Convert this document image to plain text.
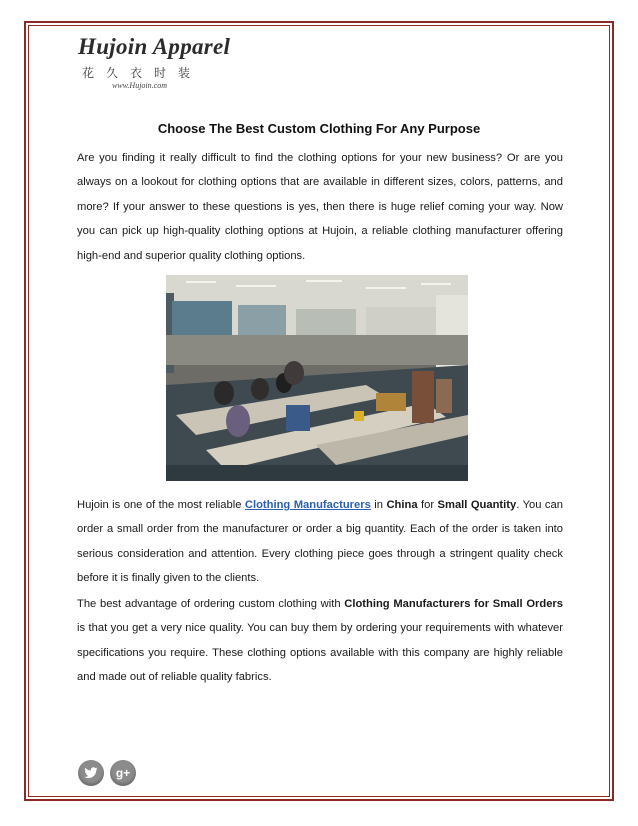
Hujoin Apparel
花久衣时装
www.Hujoin.com
Choose The Best Custom Clothing For Any Purpose

Are you finding it really difficult to find the clothing options for your new business? Or are you always on a lookout for clothing options that are available in different sizes, colors, patterns, and more? If your answer to these questions is yes, then there is huge relief coming your way. Now you can pick up high-quality clothing options at Hujoin, a reliable clothing manufacturer offering high-end and superior quality clothing options.

Hujoin is one of the most reliable Clothing Manufacturers in China for Small Quantity. You can order a small order from the manufacturer or order a big quantity. Each of the order is taken into serious consideration and attention. Every clothing piece goes through a stringent quality check before it is finally given to the clients.

The best advantage of ordering custom clothing with Clothing Manufacturers for Small Orders is that you get a very nice quality. You can buy them by ordering your requirements with whatever specifications you require. These clothing options available with this company are highly reliable and made out of reliable quality fabrics.

g+
